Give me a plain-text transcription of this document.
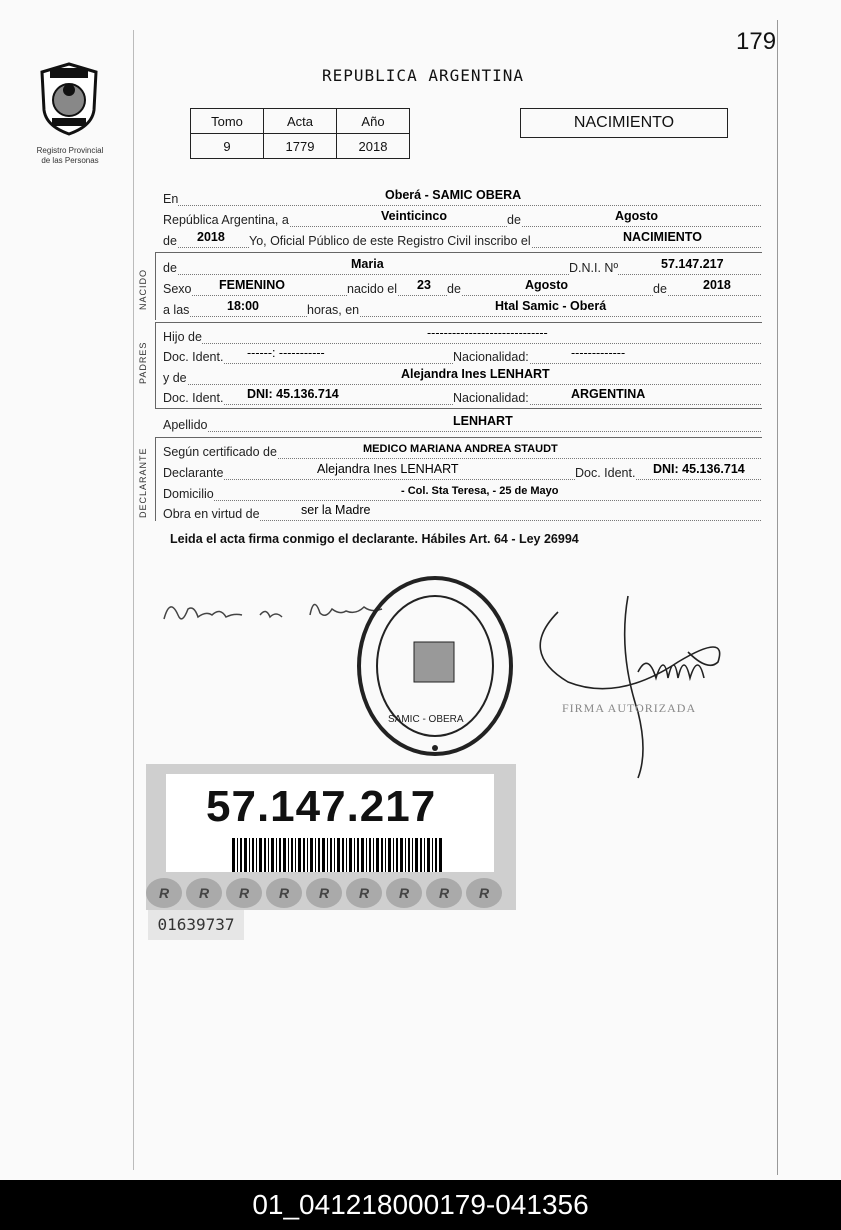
179
Registro Provincial
de las Personas
REPUBLICA ARGENTINA
Tomo	Acta	Año
9	1779	2018
NACIMIENTO
En	Oberá - SAMIC OBERA
República Argentina, a	Veinticinco	de	Agosto
de 2018 Yo, Oficial Público de este Registro Civil inscribo el	NACIMIENTO
NACIDO
de	Maria	D.N.I. Nº	57.147.217
Sexo FEMENINO	nacido el 23 de	Agosto	de	2018
a las	18:00	horas, en	Htal Samic - Oberá
PADRES
Hijo de	-----------------------------
Doc. Ident. ------: -----------	Nacionalidad:	-------------
y de	Alejandra Ines LENHART
Doc. Ident. DNI: 45.136.714	Nacionalidad:	ARGENTINA
Apellido	LENHART
DECLARANTE Según certificado de	MEDICO MARIANA ANDREA STAUDT
Declarante	Alejandra Ines LENHART	Doc. Ident. DNI: 45.136.714
Domicilio	- Col. Sta Teresa, - 25 de Mayo
Obra en virtud de	ser la Madre
Leida el acta firma conmigo el declarante. Hábiles Art. 64 - Ley 26994
SAMIC - OBERA
FIRMA AUTORIZADA
57.147.217
R	R	R	R	R	R	R	R	R
01639737
01_041218000179-041356
